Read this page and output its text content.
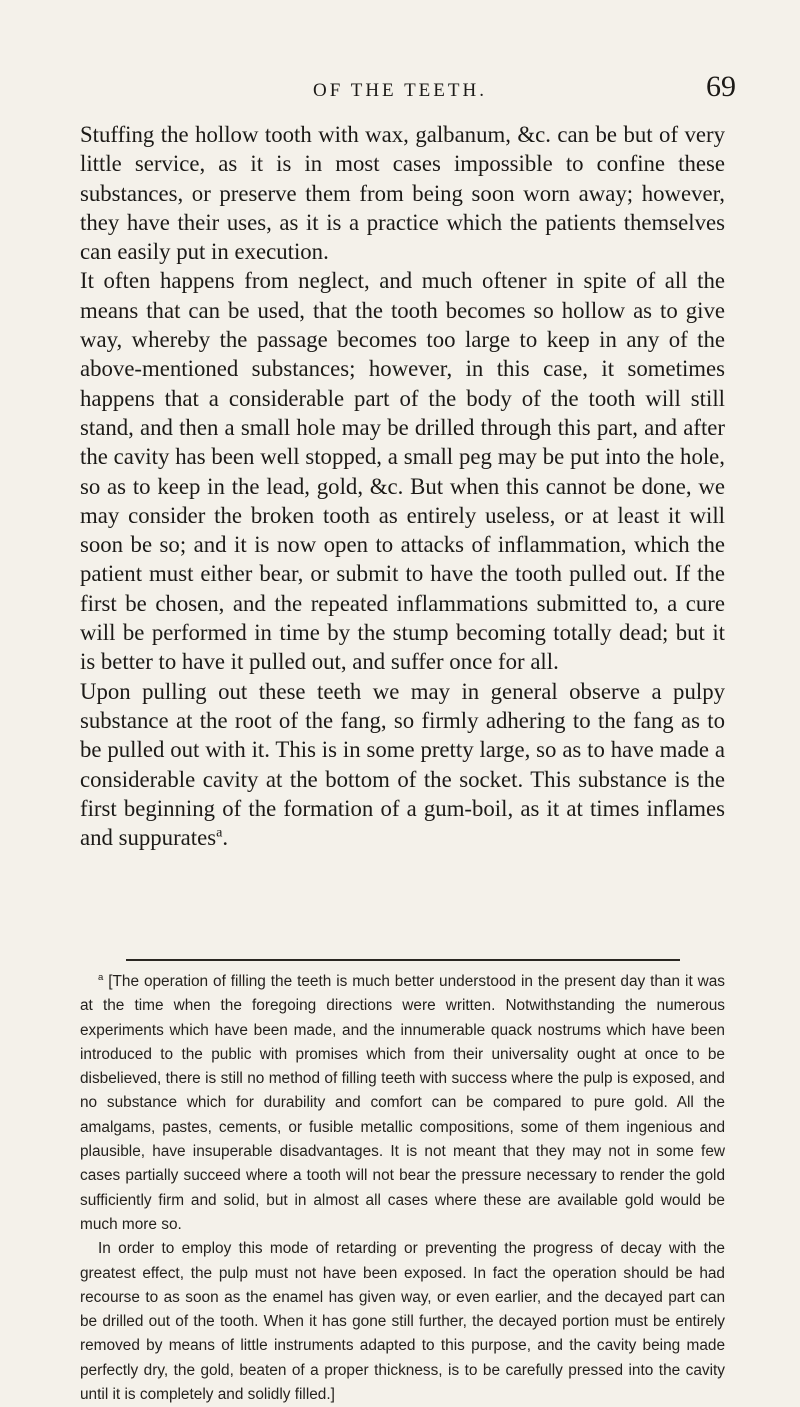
OF THE TEETH.	69

Stuffing the hollow tooth with wax, galbanum, &c. can be but of very little service, as it is in most cases impossible to confine these substances, or preserve them from being soon worn away; however, they have their uses, as it is a practice which the patients themselves can easily put in execution.

It often happens from neglect, and much oftener in spite of all the means that can be used, that the tooth becomes so hollow as to give way, whereby the passage becomes too large to keep in any of the above-mentioned substances; however, in this case, it sometimes happens that a considerable part of the body of the tooth will still stand, and then a small hole may be drilled through this part, and after the cavity has been well stopped, a small peg may be put into the hole, so as to keep in the lead, gold, &c. But when this cannot be done, we may consider the broken tooth as entirely useless, or at least it will soon be so; and it is now open to attacks of inflammation, which the patient must either bear, or submit to have the tooth pulled out. If the first be chosen, and the repeated inflammations submitted to, a cure will be performed in time by the stump becoming totally dead; but it is better to have it pulled out, and suffer once for all.

Upon pulling out these teeth we may in general observe a pulpy substance at the root of the fang, so firmly adhering to the fang as to be pulled out with it. This is in some pretty large, so as to have made a considerable cavity at the bottom of the socket. This substance is the first beginning of the formation of a gum-boil, as it at times inflames and suppurates$^a$.

$^a$ [The operation of filling the teeth is much better understood in the present day than it was at the time when the foregoing directions were written. Notwithstanding the numerous experiments which have been made, and the innumerable quack nostrums which have been introduced to the public with promises which from their universality ought at once to be disbelieved, there is still no method of filling teeth with success where the pulp is exposed, and no substance which for durability and comfort can be compared to pure gold. All the amalgams, pastes, cements, or fusible metallic compositions, some of them ingenious and plausible, have insuperable disadvantages. It is not meant that they may not in some few cases partially succeed where a tooth will not bear the pressure necessary to render the gold sufficiently firm and solid, but in almost all cases where these are available gold would be much more so.

In order to employ this mode of retarding or preventing the progress of decay with the greatest effect, the pulp must not have been exposed. In fact the operation should be had recourse to as soon as the enamel has given way, or even earlier, and the decayed part can be drilled out of the tooth. When it has gone still further, the decayed portion must be entirely removed by means of little instruments adapted to this purpose, and the cavity being made perfectly dry, the gold, beaten of a proper thickness, is to be carefully pressed into the cavity until it is completely and solidly filled.]
